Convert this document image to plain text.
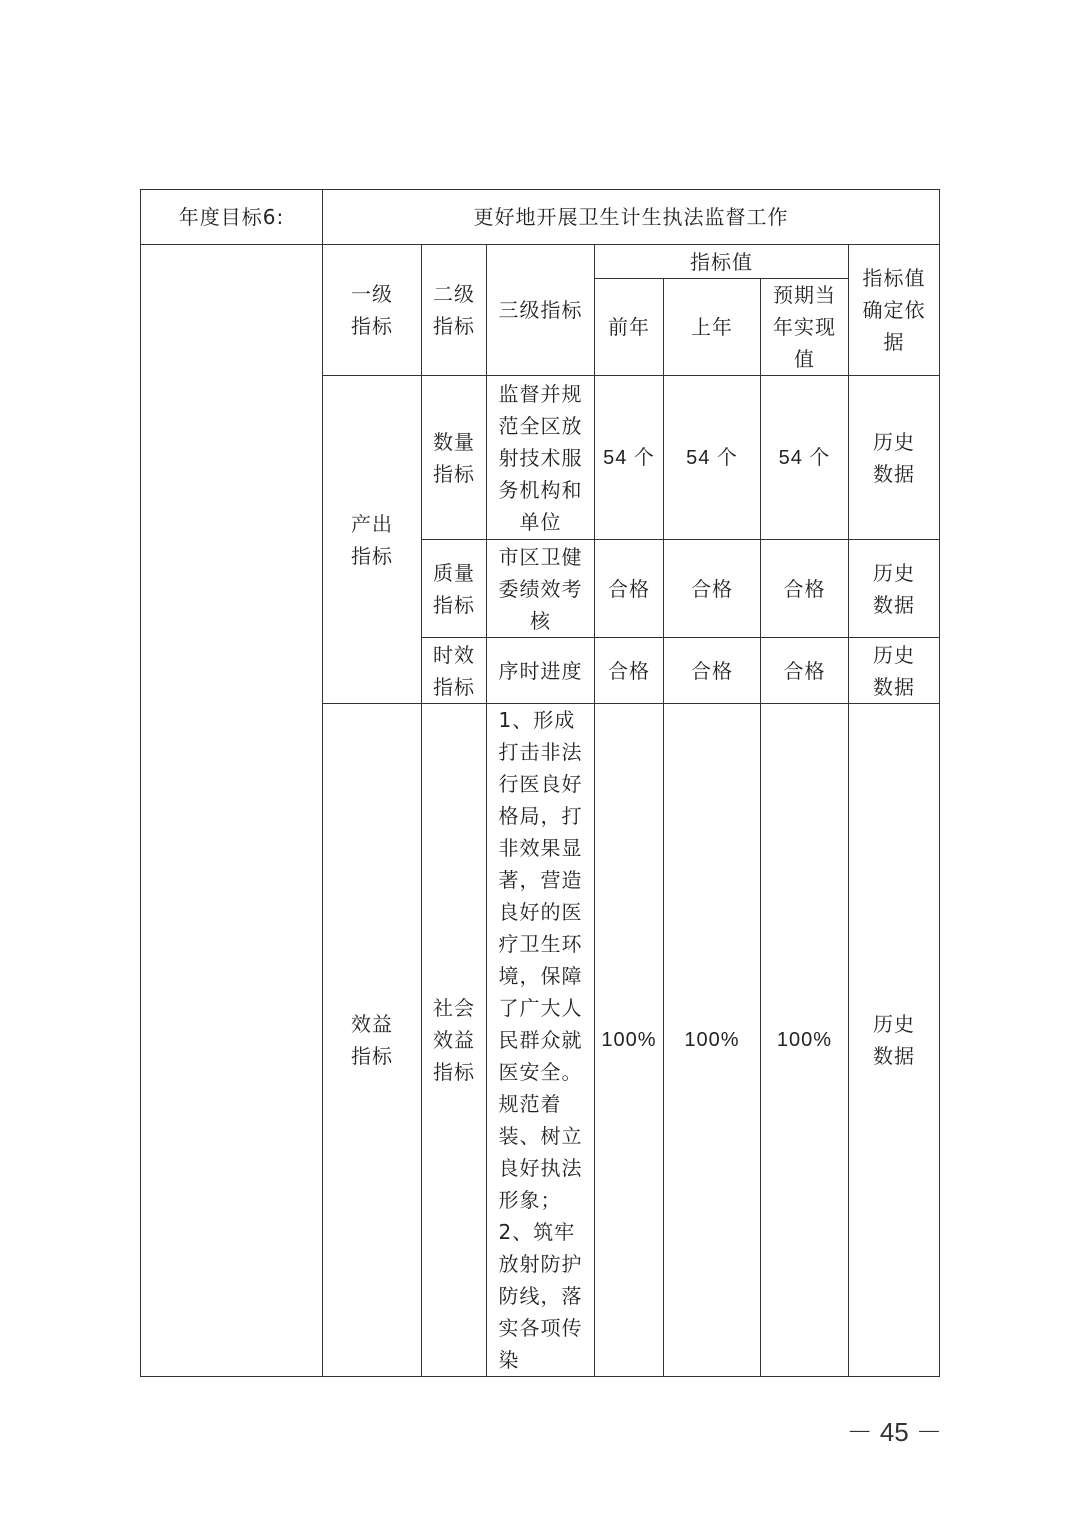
年度目标6:	更好地开展卫生计生执法监督工作						
	一级指标	二级指标	三级指标	指标值			指标值确定依据
				前年	上年	预期当年实现值	
	产出指标	数量指标	监督并规范全区放射技术服务机构和单位	54 个	54 个	54 个	历史数据
		质量指标	市区卫健委绩效考核	合格	合格	合格	历史数据
		时效指标	序时进度	合格	合格	合格	历史数据
	效益指标	社会效益指标	1、形成打击非法行医良好格局，打非效果显著，营造良好的医疗卫生环境，保障了广大人民群众就医安全。规范着装、树立良好执法形象；2、筑牢放射防护防线，落实各项传染	100%	100%	100%	历史数据
－ 45 －
